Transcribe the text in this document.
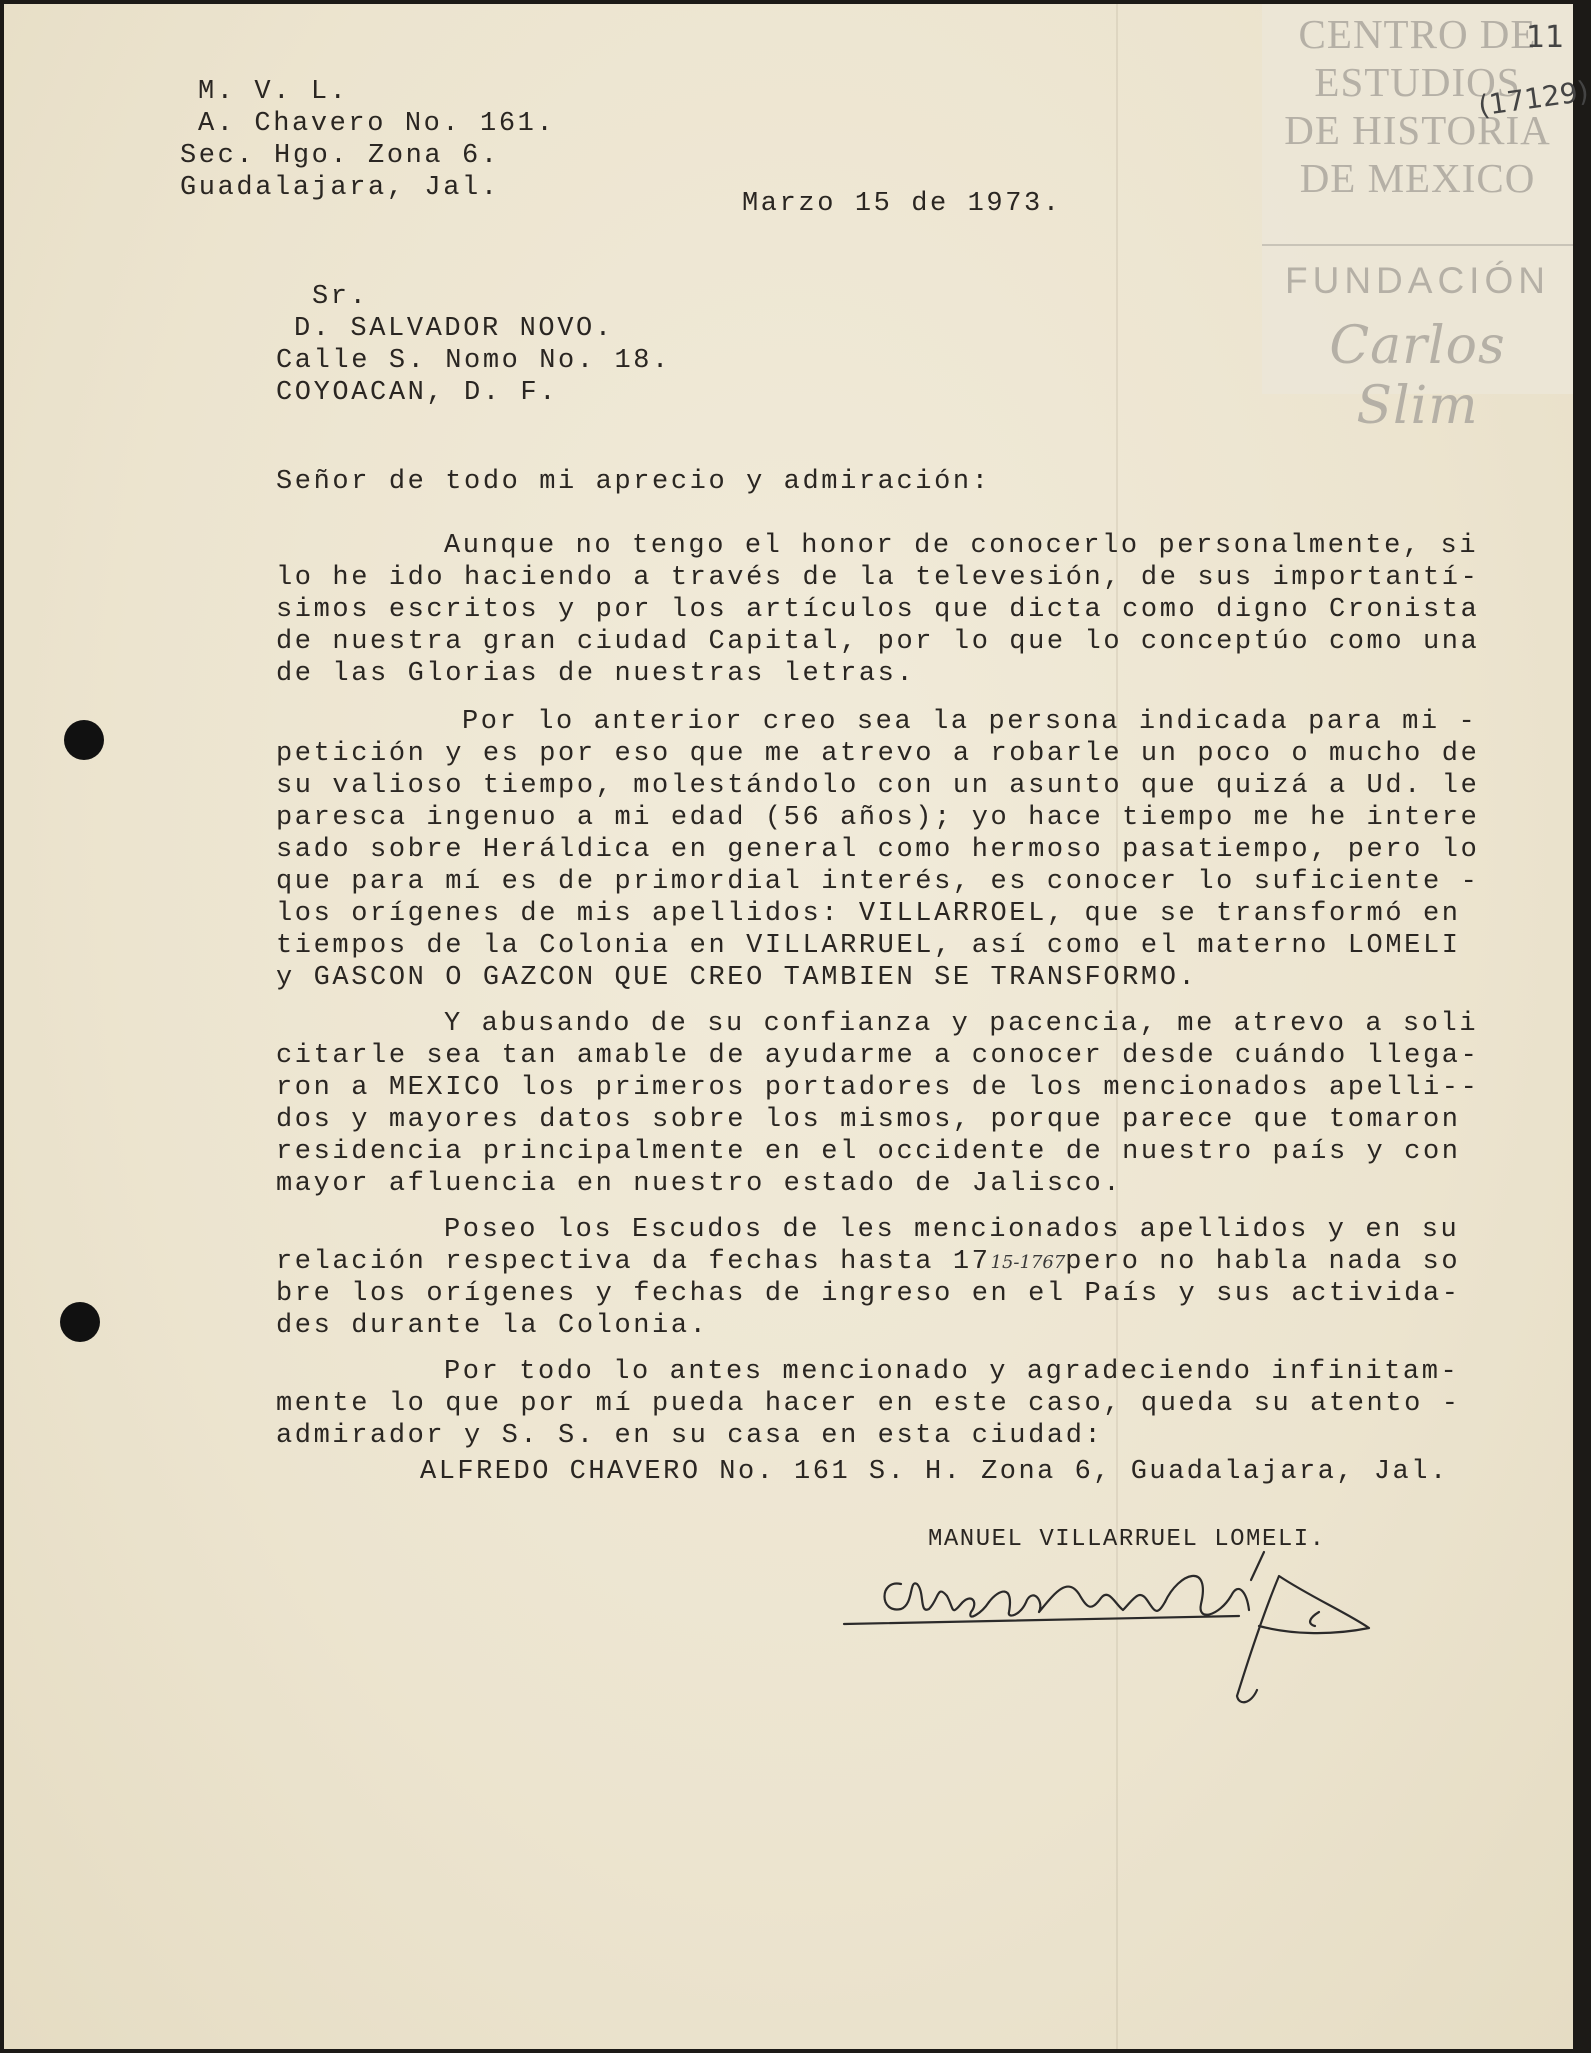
CENTRO DE
ESTUDIOS
DE HISTORIA
DE MEXICO
FUNDACIÓN
Carlos Slim
11
(17129)
M. V. L.
A. Chavero No. 161.
Sec. Hgo. Zona 6.
Guadalajara, Jal.
Marzo 15 de 1973.
Sr.
D. SALVADOR NOVO.
Calle S. Nomo No. 18.
COYOACAN, D. F.
Señor de todo mi aprecio y admiración:
Aunque no tengo el honor de conocerlo personalmente, si
lo he ido haciendo a través de la televesión, de sus importantí-
simos escritos y por los artículos que dicta como digno Cronista
de nuestra gran ciudad Capital, por lo que lo conceptúo como una
de las Glorias de nuestras letras.
Por lo anterior creo sea la persona indicada para mi -
petición y es por eso que me atrevo a robarle un poco o mucho de
su valioso tiempo, molestándolo con un asunto que quizá a Ud. le
paresca ingenuo a mi edad (56 años); yo hace tiempo me he intere
sado sobre Heráldica en general como hermoso pasatiempo, pero lo
que para mí es de primordial interés, es conocer lo suficiente -
los orígenes de mis apellidos: VILLARROEL, que se transformó en
tiempos de la Colonia en VILLARRUEL, así como el materno LOMELI
y GASCON O GAZCON QUE CREO TAMBIEN SE TRANSFORMO.
Y abusando de su confianza y pacencia, me atrevo a soli
citarle sea tan amable de ayudarme a conocer desde cuándo llega-
ron a MEXICO los primeros portadores de los mencionados apelli--
dos y mayores datos sobre los mismos, porque parece que tomaron
residencia principalmente en el occidente de nuestro país y con
mayor afluencia en nuestro estado de Jalisco.
Poseo los Escudos de les mencionados apellidos y en su
relación respectiva da fechas hasta 1715-1767pero no habla nada so
bre los orígenes y fechas de ingreso en el País y sus activida-
des durante la Colonia.
Por todo lo antes mencionado y agradeciendo infinitam-
mente lo que por mí pueda hacer en este caso, queda su atento -
admirador y S. S. en su casa en esta ciudad:
ALFREDO CHAVERO No. 161 S. H. Zona 6, Guadalajara, Jal.
MANUEL VILLARRUEL LOMELI.
